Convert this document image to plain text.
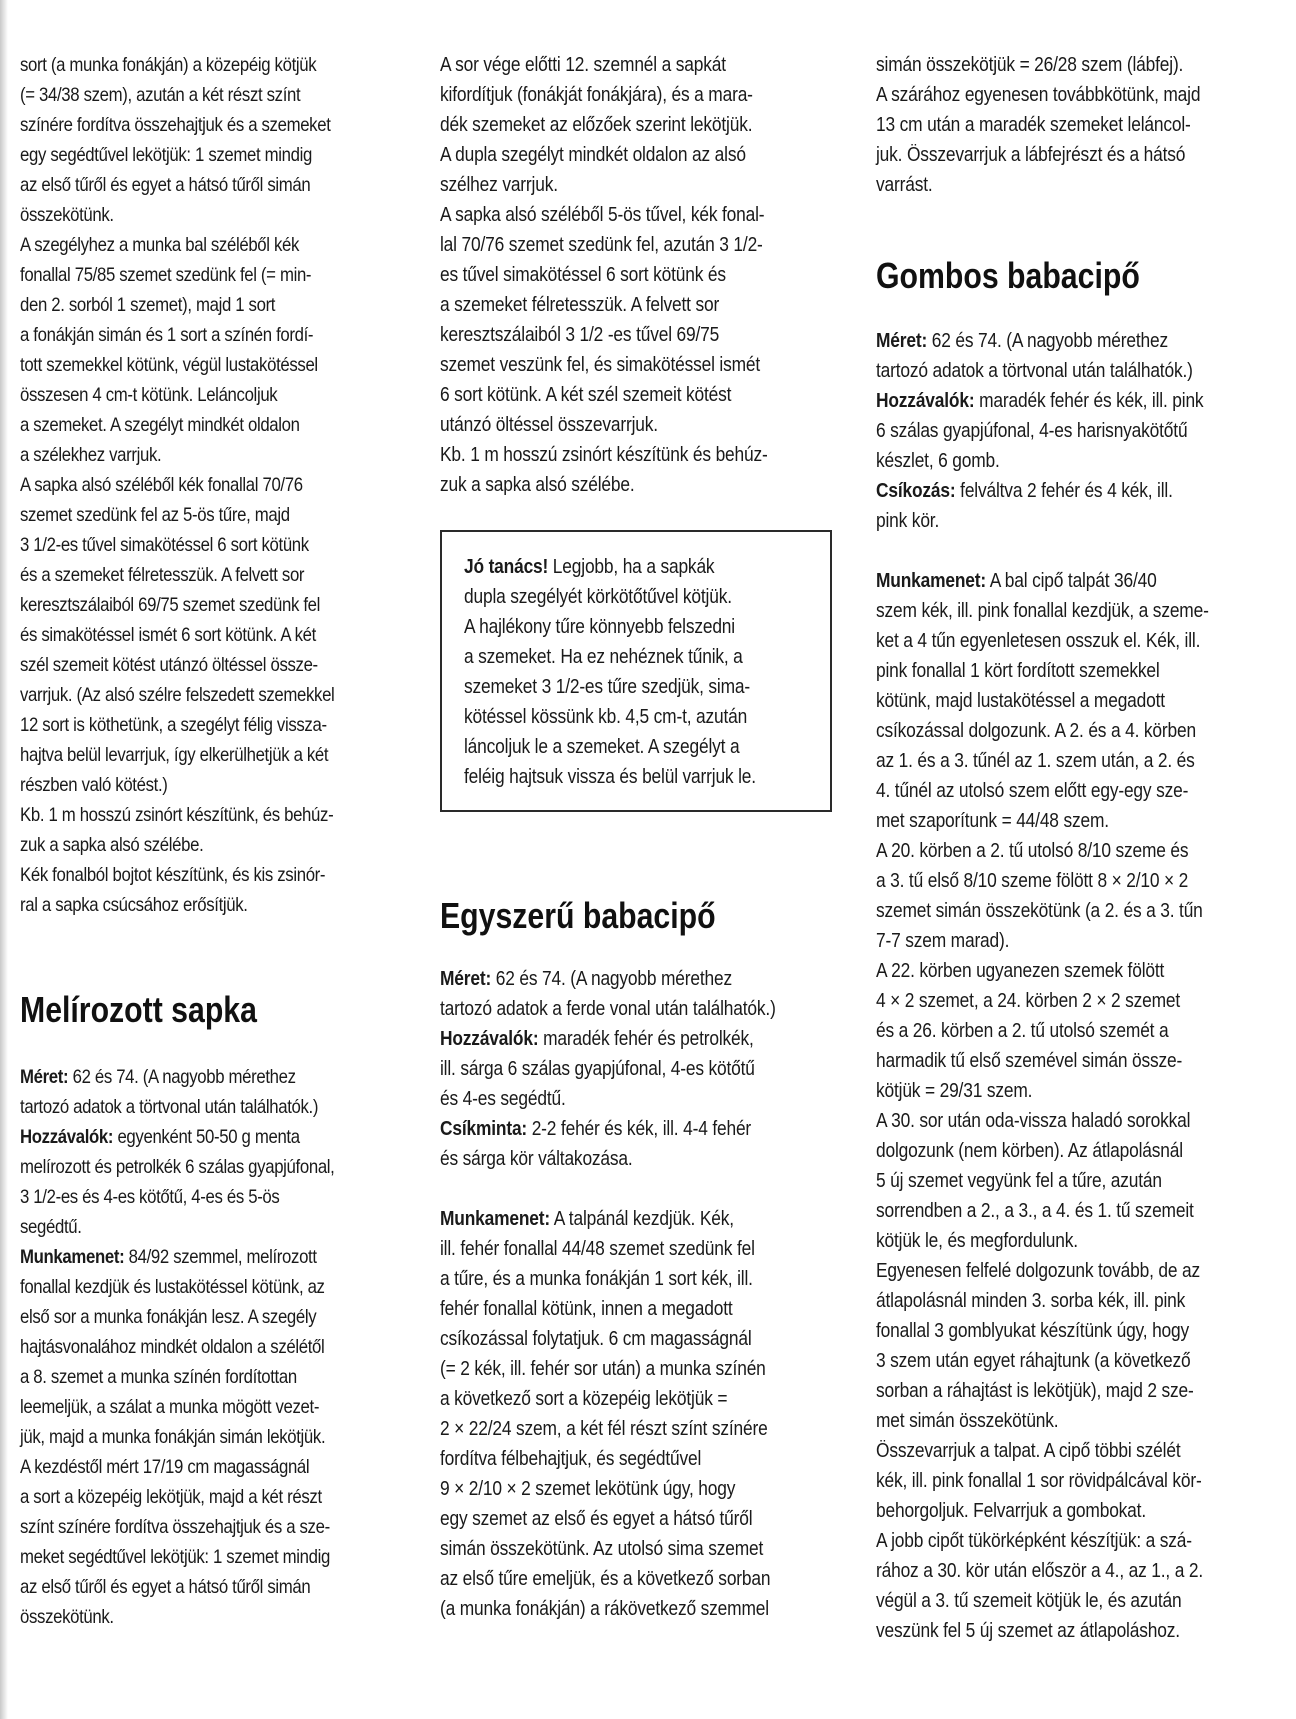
sort (a munka fonákján) a közepéig kötjük
(= 34/38 szem), azután a két részt színt
színére fordítva összehajtjuk és a szemeket
egy segédtűvel lekötjük: 1 szemet mindig
az első tűről és egyet a hátsó tűről simán
összekötünk.
A szegélyhez a munka bal széléből kék
fonallal 75/85 szemet szedünk fel (= min-
den 2. sorból 1 szemet), majd 1 sort
a fonákján simán és 1 sort a színén fordí-
tott szemekkel kötünk, végül lustakötéssel
összesen 4 cm-t kötünk. Leláncoljuk
a szemeket. A szegélyt mindkét oldalon
a szélekhez varrjuk.
A sapka alsó széléből kék fonallal 70/76
szemet szedünk fel az 5-ös tűre, majd
3 1/2-es tűvel simakötéssel 6 sort kötünk
és a szemeket félretesszük. A felvett sor
keresztszálaiból 69/75 szemet szedünk fel
és simakötéssel ismét 6 sort kötünk. A két
szél szemeit kötést utánzó öltéssel össze-
varrjuk. (Az alsó szélre felszedett szemekkel
12 sort is köthetünk, a szegélyt félig vissza-
hajtva belül levarrjuk, így elkerülhetjük a két
részben való kötést.)
Kb. 1 m hosszú zsinórt készítünk, és behúz-
zuk a sapka alsó szélébe.
Kék fonalból bojtot készítünk, és kis zsinór-
ral a sapka csúcsához erősítjük.
Melírozott sapka
Méret: 62 és 74. (A nagyobb mérethez
tartozó adatok a törtvonal után találhatók.)
Hozzávalók: egyenként 50-50 g menta
melírozott és petrolkék 6 szálas gyapjúfonal,
3 1/2-es és 4-es kötőtű, 4-es és 5-ös
segédtű.
Munkamenet: 84/92 szemmel, melírozott
fonallal kezdjük és lustakötéssel kötünk, az
első sor a munka fonákján lesz. A szegély
hajtásvonalához mindkét oldalon a szélétől
a 8. szemet a munka színén fordítottan
leemeljük, a szálat a munka mögött vezet-
jük, majd a munka fonákján simán lekötjük.
A kezdéstől mért 17/19 cm magasságnál
a sort a közepéig lekötjük, majd a két részt
színt színére fordítva összehajtjuk és a sze-
meket segédtűvel lekötjük: 1 szemet mindig
az első tűről és egyet a hátsó tűről simán
összekötünk.
A sor vége előtti 12. szemnél a sapkát
kifordítjuk (fonákját fonákjára), és a mara-
dék szemeket az előzőek szerint lekötjük.
A dupla szegélyt mindkét oldalon az alsó
szélhez varrjuk.
A sapka alsó széléből 5-ös tűvel, kék fonal-
lal 70/76 szemet szedünk fel, azután 3 1/2-
es tűvel simakötéssel 6 sort kötünk és
a szemeket félretesszük. A felvett sor
keresztszálaiból 3 1/2 -es tűvel 69/75
szemet veszünk fel, és simakötéssel ismét
6 sort kötünk. A két szél szemeit kötést
utánzó öltéssel összevarrjuk.
Kb. 1 m hosszú zsinórt készítünk és behúz-
zuk a sapka alsó szélébe.
Jó tanács! Legjobb, ha a sapkák
dupla szegélyét körkötőtűvel kötjük.
A hajlékony tűre könnyebb felszedni
a szemeket. Ha ez nehéznek tűnik, a
szemeket 3 1/2-es tűre szedjük, sima-
kötéssel kössünk kb. 4,5 cm-t, azután
láncoljuk le a szemeket. A szegélyt a
feléig hajtsuk vissza és belül varrjuk le.
Egyszerű babacipő
Méret: 62 és 74. (A nagyobb mérethez
tartozó adatok a ferde vonal után találhatók.)
Hozzávalók: maradék fehér és petrolkék,
ill. sárga 6 szálas gyapjúfonal, 4-es kötőtű
és 4-es segédtű.
Csíkminta: 2-2 fehér és kék, ill. 4-4 fehér
és sárga kör váltakozása.
Munkamenet: A talpánál kezdjük. Kék,
ill. fehér fonallal 44/48 szemet szedünk fel
a tűre, és a munka fonákján 1 sort kék, ill.
fehér fonallal kötünk, innen a megadott
csíkozással folytatjuk. 6 cm magasságnál
(= 2 kék, ill. fehér sor után) a munka színén
a következő sort a közepéig lekötjük =
2 × 22/24 szem, a két fél részt színt színére
fordítva félbehajtjuk, és segédtűvel
9 × 2/10 × 2 szemet lekötünk úgy, hogy
egy szemet az első és egyet a hátsó tűről
simán összekötünk. Az utolsó sima szemet
az első tűre emeljük, és a következő sorban
(a munka fonákján) a rákövetkező szemmel
simán összekötjük = 26/28 szem (lábfej).
A szárához egyenesen továbbkötünk, majd
13 cm után a maradék szemeket leláncol-
juk. Összevarrjuk a lábfejrészt és a hátsó
varrást.
Gombos babacipő
Méret: 62 és 74. (A nagyobb mérethez
tartozó adatok a törtvonal után találhatók.)
Hozzávalók: maradék fehér és kék, ill. pink
6 szálas gyapjúfonal, 4-es harisnyakötőtű
készlet, 6 gomb.
Csíkozás: felváltva 2 fehér és 4 kék, ill.
pink kör.
Munkamenet: A bal cipő talpát 36/40
szem kék, ill. pink fonallal kezdjük, a szeme-
ket a 4 tűn egyenletesen osszuk el. Kék, ill.
pink fonallal 1 kört fordított szemekkel
kötünk, majd lustakötéssel a megadott
csíkozással dolgozunk. A 2. és a 4. körben
az 1. és a 3. tűnél az 1. szem után, a 2. és
4. tűnél az utolsó szem előtt egy-egy sze-
met szaporítunk = 44/48 szem.
A 20. körben a 2. tű utolsó 8/10 szeme és
a 3. tű első 8/10 szeme fölött 8 × 2/10 × 2
szemet simán összekötünk (a 2. és a 3. tűn
7-7 szem marad).
A 22. körben ugyanezen szemek fölött
4 × 2 szemet, a 24. körben 2 × 2 szemet
és a 26. körben a 2. tű utolsó szemét a
harmadik tű első szemével simán össze-
kötjük = 29/31 szem.
A 30. sor után oda-vissza haladó sorokkal
dolgozunk (nem körben). Az átlapolásnál
5 új szemet vegyünk fel a tűre, azután
sorrendben a 2., a 3., a 4. és 1. tű szemeit
kötjük le, és megfordulunk.
Egyenesen felfelé dolgozunk tovább, de az
átlapolásnál minden 3. sorba kék, ill. pink
fonallal 3 gomblyukat készítünk úgy, hogy
3 szem után egyet ráhajtunk (a következő
sorban a ráhajtást is lekötjük), majd 2 sze-
met simán összekötünk.
Összevarrjuk a talpat. A cipő többi szélét
kék, ill. pink fonallal 1 sor rövidpálcával kör-
behorgoljuk. Felvarrjuk a gombokat.
A jobb cipőt tükörképként készítjük: a szá-
rához a 30. kör után először a 4., az 1., a 2.
végül a 3. tű szemeit kötjük le, és azután
veszünk fel 5 új szemet az átlapoláshoz.
